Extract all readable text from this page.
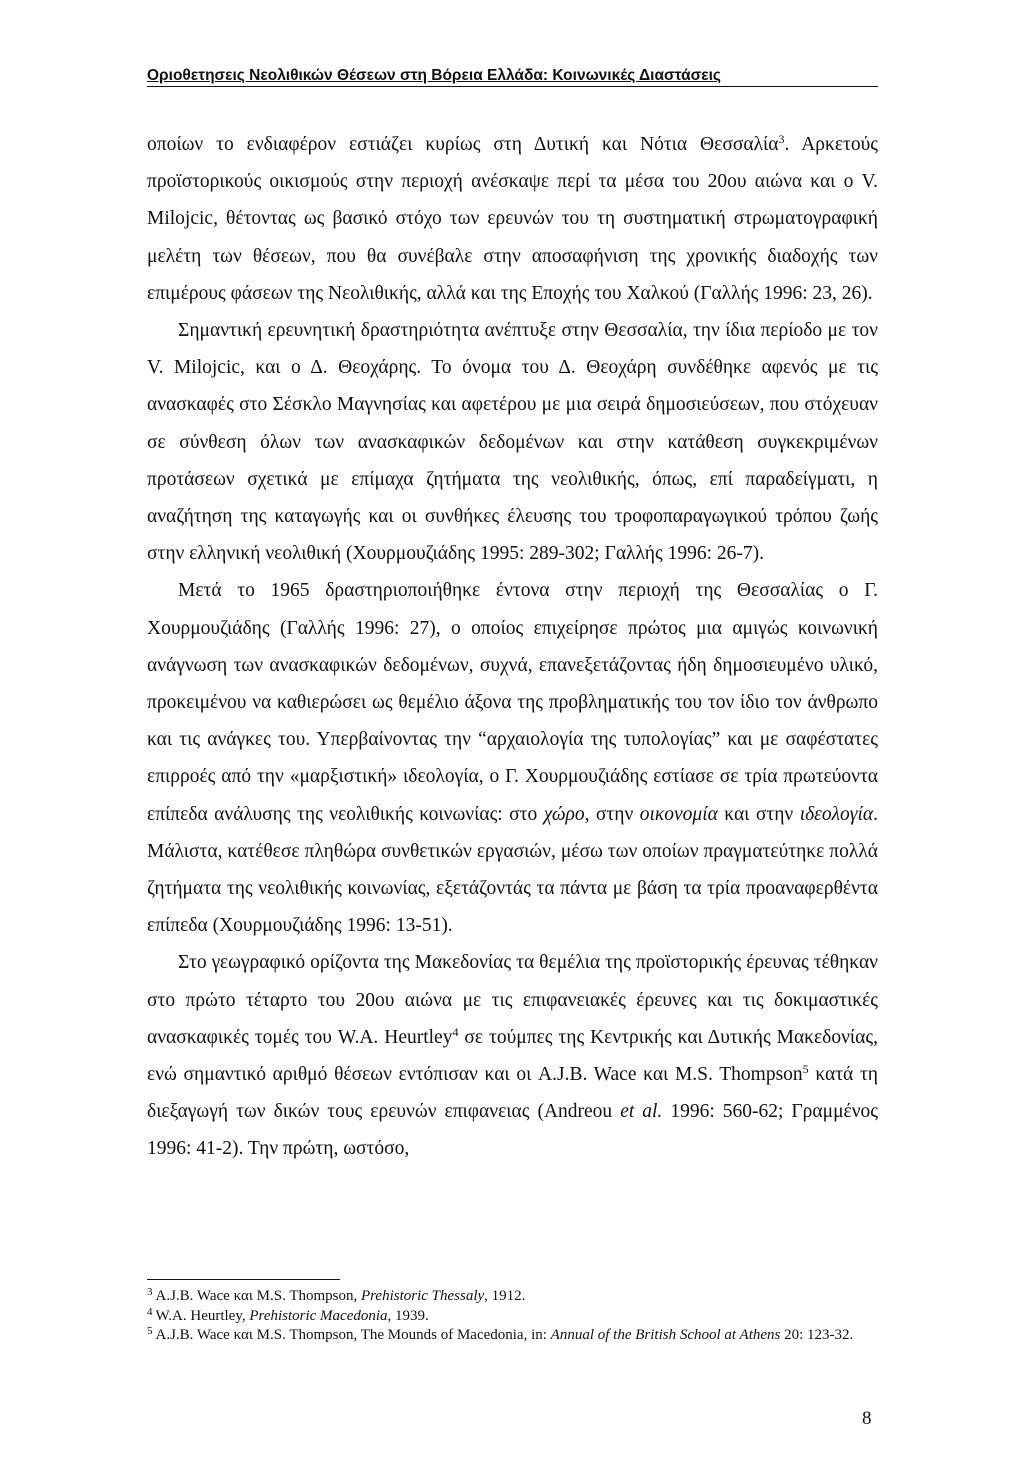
Οριοθετησεις Νεολιθικών Θέσεων στη Βόρεια Ελλάδα: Κοινωνικές Διαστάσεις

οποίων το ενδιαφέρον εστιάζει κυρίως στη Δυτική και Νότια Θεσσαλία$^3$. Αρκετούς προϊστορικούς οικισμούς στην περιοχή ανέσκαψε περί τα μέσα του 20ου αιώνα και ο V. Milojcic, θέτοντας ως βασικό στόχο των ερευνών του τη συστηματική στρωματογραφική μελέτη των θέσεων, που θα συνέβαλε στην αποσαφήνιση της χρονικής διαδοχής των επιμέρους φάσεων της Νεολιθικής, αλλά και της Εποχής του Χαλκού (Γαλλής 1996: 23, 26).

Σημαντική ερευνητική δραστηριότητα ανέπτυξε στην Θεσσαλία, την ίδια περίοδο με τον V. Milojcic, και ο Δ. Θεοχάρης. Το όνομα του Δ. Θεοχάρη συνδέθηκε αφενός με τις ανασκαφές στο Σέσκλο Μαγνησίας και αφετέρου με μια σειρά δημοσιεύσεων, που στόχευαν σε σύνθεση όλων των ανασκαφικών δεδομένων και στην κατάθεση συγκεκριμένων προτάσεων σχετικά με επίμαχα ζητήματα της νεολιθικής, όπως, επί παραδείγματι, η αναζήτηση της καταγωγής και οι συνθήκες έλευσης του τροφοπαραγωγικού τρόπου ζωής στην ελληνική νεολιθική (Χουρμουζιάδης 1995: 289-302; Γαλλής 1996: 26-7).

Μετά το 1965 δραστηριοποιήθηκε έντονα στην περιοχή της Θεσσαλίας ο Γ. Χουρμουζιάδης (Γαλλής 1996: 27), ο οποίος επιχείρησε πρώτος μια αμιγώς κοινωνική ανάγνωση των ανασκαφικών δεδομένων, συχνά, επανεξετάζοντας ήδη δημοσιευμένο υλικό, προκειμένου να καθιερώσει ως θεμέλιο άξονα της προβληματικής του τον ίδιο τον άνθρωπο και τις ανάγκες του. Υπερβαίνοντας την “αρχαιολογία της τυπολογίας” και με σαφέστατες επιρροές από την «μαρξιστική» ιδεολογία, ο Γ. Χουρμουζιάδης εστίασε σε τρία πρωτεύοντα επίπεδα ανάλυσης της νεολιθικής κοινωνίας: στο χώρο, στην οικονομία και στην ιδεολογία. Μάλιστα, κατέθεσε πληθώρα συνθετικών εργασιών, μέσω των οποίων πραγματεύτηκε πολλά ζητήματα της νεολιθικής κοινωνίας, εξετάζοντάς τα πάντα με βάση τα τρία προαναφερθέντα επίπεδα (Χουρμουζιάδης 1996: 13-51).

Στο γεωγραφικό ορίζοντα της Μακεδονίας τα θεμέλια της προϊστορικής έρευνας τέθηκαν στο πρώτο τέταρτο του 20ου αιώνα με τις επιφανειακές έρευνες και τις δοκιμαστικές ανασκαφικές τομές του W.A. Heurtley$^4$ σε τούμπες της Κεντρικής και Δυτικής Μακεδονίας, ενώ σημαντικό αριθμό θέσεων εντόπισαν και οι A.J.B. Wace και M.S. Thompson$^5$ κατά τη διεξαγωγή των δικών τους ερευνών επιφανειας (Andreou et al. 1996: 560-62; Γραμμένος 1996: 41-2). Την πρώτη, ωστόσο,

$^3$ A.J.B. Wace και M.S. Thompson, Prehistoric Thessaly, 1912.

$^4$ W.A. Heurtley, Prehistoric Macedonia, 1939.

$^5$ A.J.B. Wace και M.S. Thompson, The Mounds of Macedonia, in: Annual of the British School at Athens 20: 123-32.

8
